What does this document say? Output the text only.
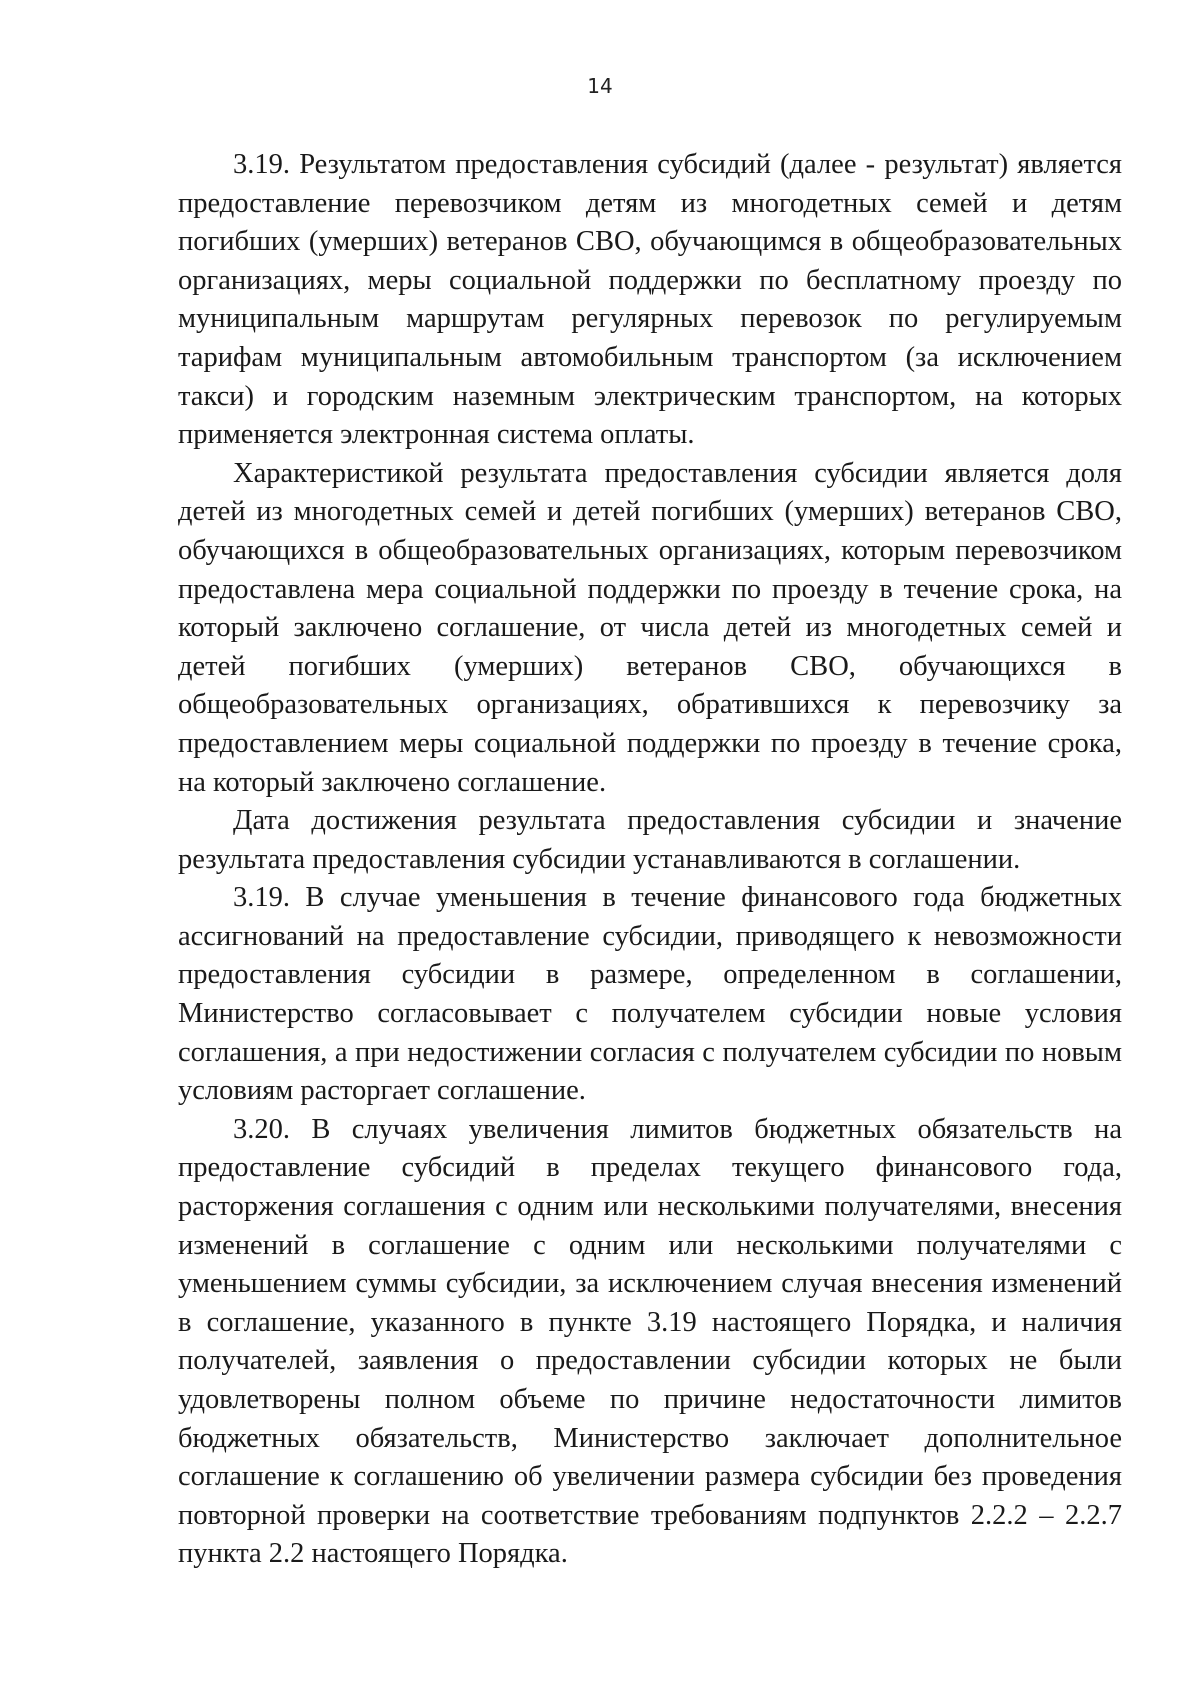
14

3.19. Результатом предоставления субсидий (далее - результат) является предоставление перевозчиком детям из многодетных семей и детям погибших (умерших) ветеранов СВО, обучающимся в общеобразовательных организациях, меры социальной поддержки по бесплатному проезду по муниципальным маршрутам регулярных перевозок по регулируемым тарифам муниципальным автомобильным транспортом (за исключением такси) и городским наземным электрическим транспортом, на которых применяется электронная система оплаты.

Характеристикой результата предоставления субсидии является доля детей из многодетных семей и детей погибших (умерших) ветеранов СВО, обучающихся в общеобразовательных организациях, которым перевозчиком предоставлена мера социальной поддержки по проезду в течение срока, на который заключено соглашение, от числа детей из многодетных семей и детей погибших (умерших) ветеранов СВО, обучающихся в общеобразовательных организациях, обратившихся к перевозчику за предоставлением меры социальной поддержки по проезду в течение срока, на который заключено соглашение.

Дата достижения результата предоставления субсидии и значение результата предоставления субсидии устанавливаются в соглашении.

3.19. В случае уменьшения в течение финансового года бюджетных ассигнований на предоставление субсидии, приводящего к невозможности предоставления субсидии в размере, определенном в соглашении, Министерство согласовывает с получателем субсидии новые условия соглашения, а при недостижении согласия с получателем субсидии по новым условиям расторгает соглашение.

3.20. В случаях увеличения лимитов бюджетных обязательств на предоставление субсидий в пределах текущего финансового года, расторжения соглашения с одним или несколькими получателями, внесения изменений в соглашение с одним или несколькими получателями с уменьшением суммы субсидии, за исключением случая внесения изменений в соглашение, указанного в пункте 3.19 настоящего Порядка, и наличия получателей, заявления о предоставлении субсидии которых не были удовлетворены полном объеме по причине недостаточности лимитов бюджетных обязательств, Министерство заключает дополнительное соглашение к соглашению об увеличении размера субсидии без проведения повторной проверки на соответствие требованиям подпунктов 2.2.2 – 2.2.7 пункта 2.2 настоящего Порядка.
